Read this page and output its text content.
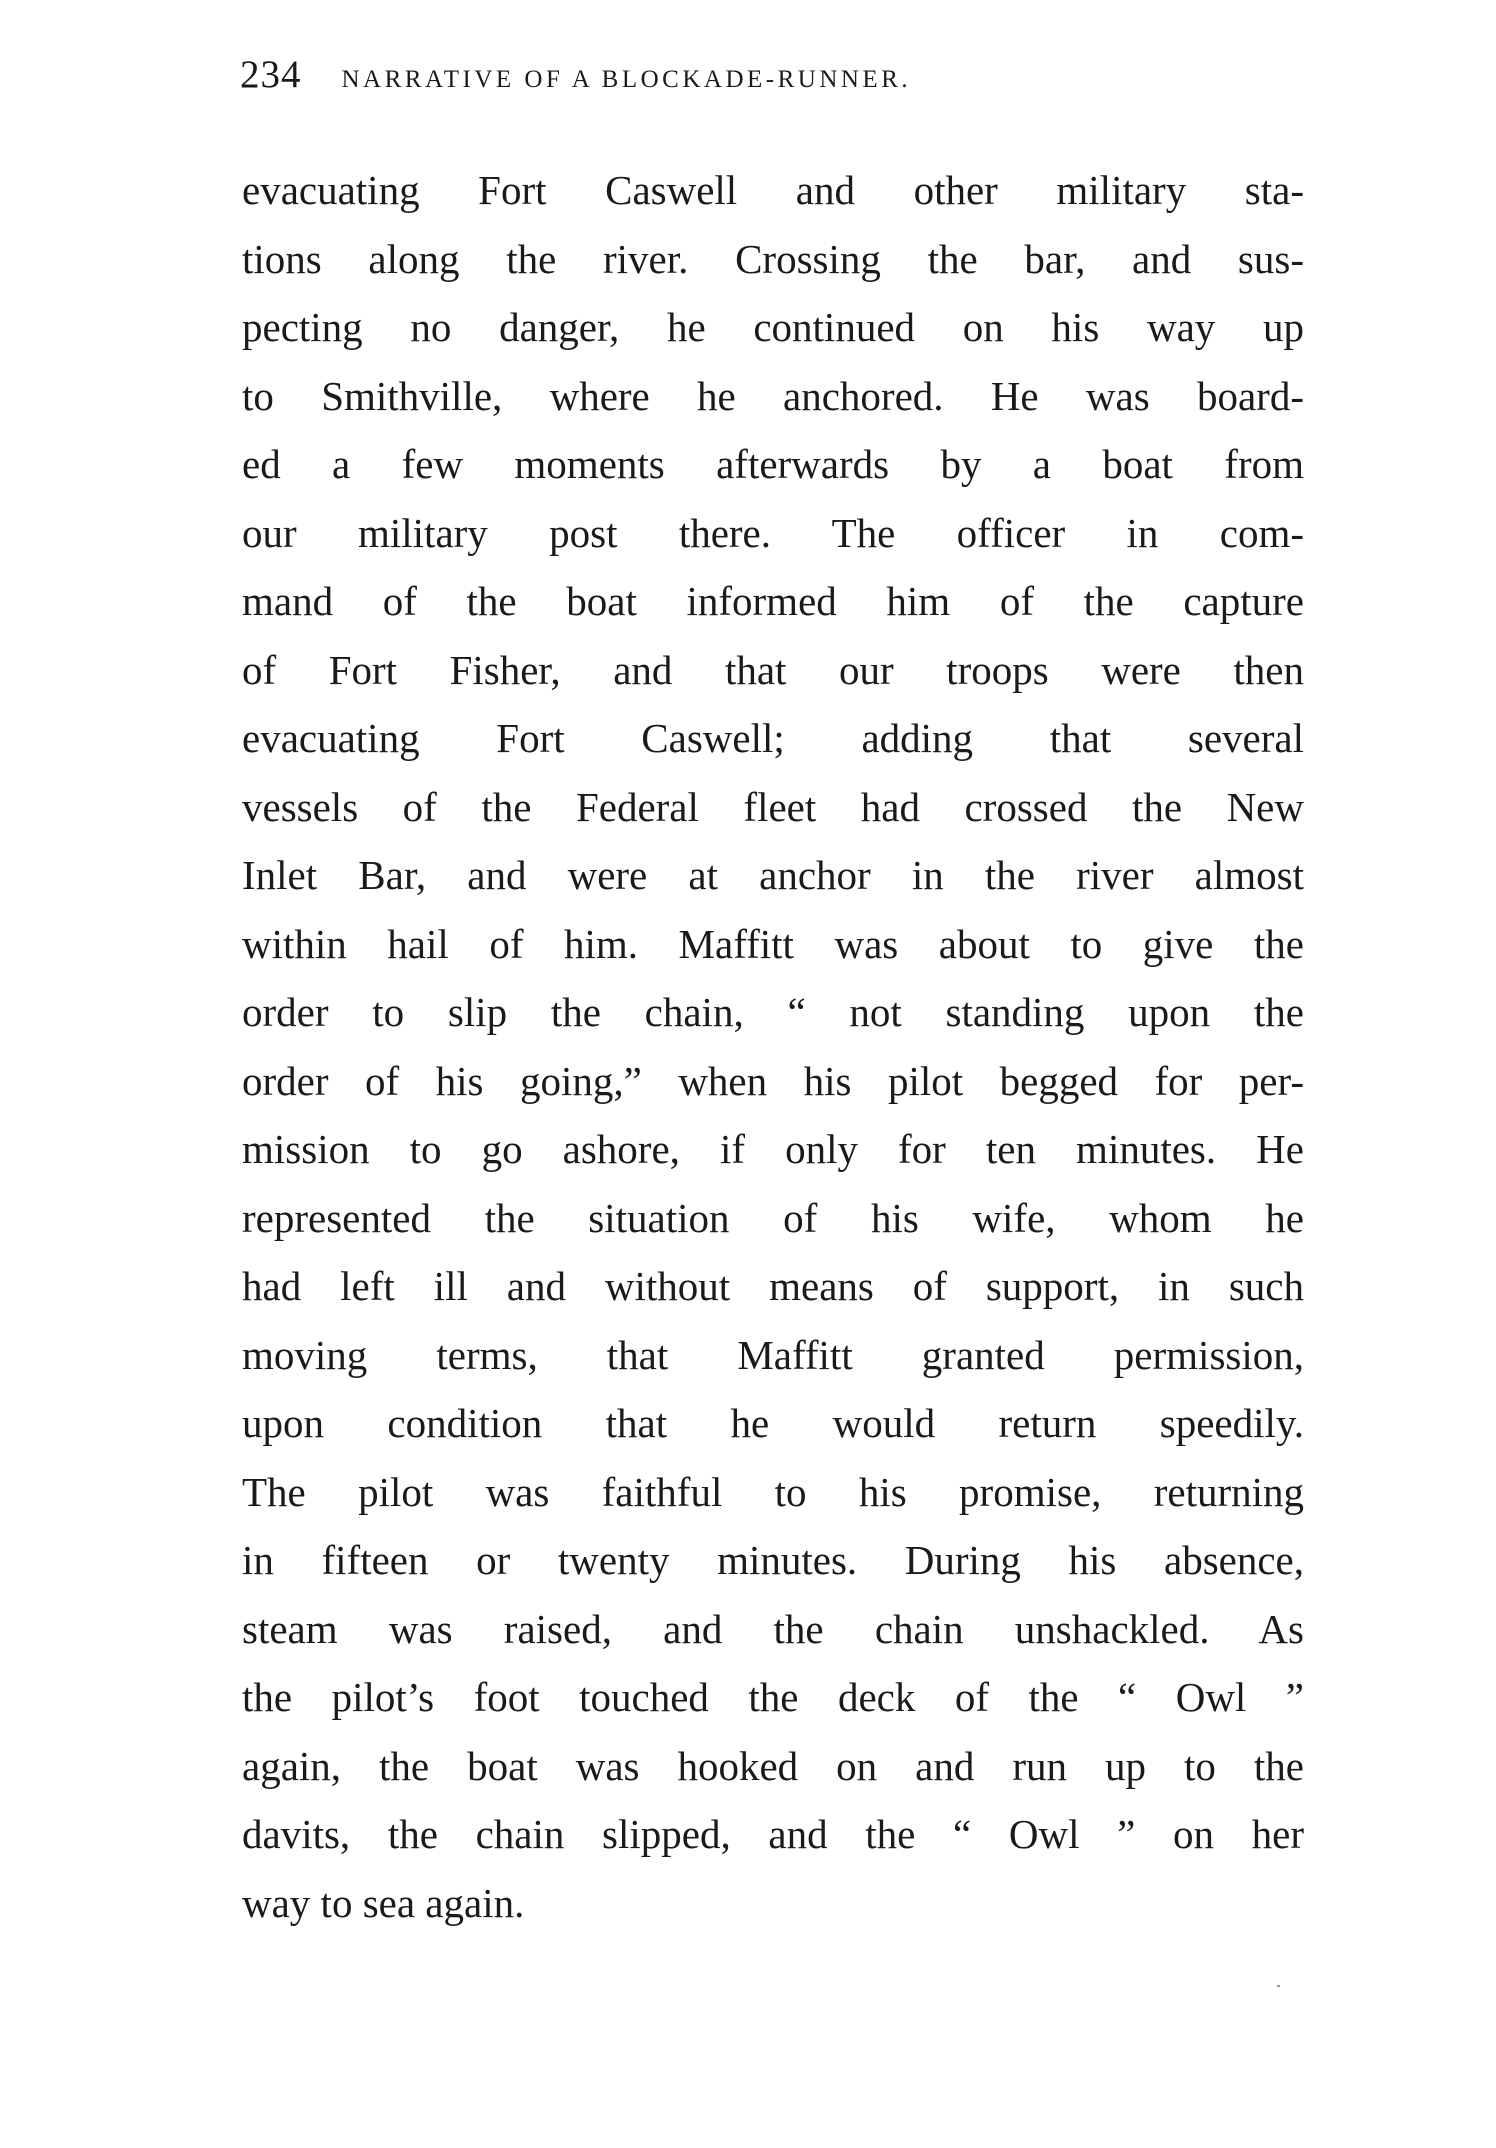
234 NARRATIVE OF A BLOCKADE-RUNNER.
evacuating Fort Caswell and other military sta-
tions along the river. Crossing the bar, and sus-
pecting no danger, he continued on his way up
to Smithville, where he anchored. He was board-
ed a few moments afterwards by a boat from
our military post there. The officer in com-
mand of the boat informed him of the capture
of Fort Fisher, and that our troops were then
evacuating Fort Caswell; adding that several
vessels of the Federal fleet had crossed the New
Inlet Bar, and were at anchor in the river almost
within hail of him. Maffitt was about to give the
order to slip the chain, “ not standing upon the
order of his going,” when his pilot begged for per-
mission to go ashore, if only for ten minutes. He
represented the situation of his wife, whom he
had left ill and without means of support, in such
moving terms, that Maffitt granted permission,
upon condition that he would return speedily.
The pilot was faithful to his promise, returning
in fifteen or twenty minutes. During his absence,
steam was raised, and the chain unshackled. As
the pilot’s foot touched the deck of the “ Owl ”
again, the boat was hooked on and run up to the
davits, the chain slipped, and the “ Owl ” on her
way to sea again.
